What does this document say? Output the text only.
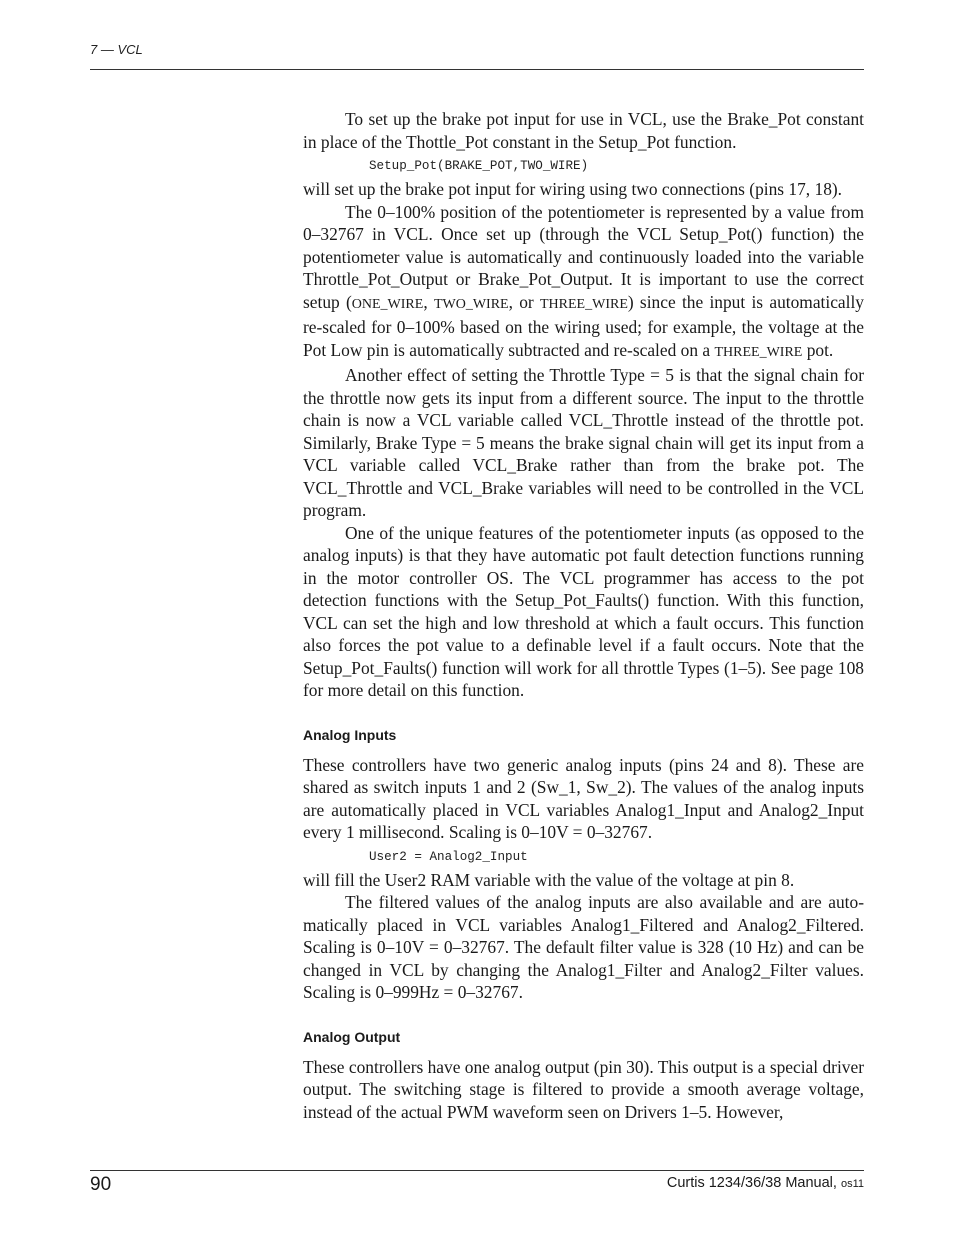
7 — VCL

To set up the brake pot input for use in VCL, use the Brake_Pot constant in place of the Thottle_Pot constant in the Setup_Pot function.

Setup_Pot(BRAKE_POT,TWO_WIRE)

will set up the brake pot input for wiring using two connections (pins 17, 18).

The 0–100% position of the potentiometer is represented by a value from 0–32767 in VCL. Once set up (through the VCL Setup_Pot() function) the potentiometer value is automatically and continuously loaded into the variable Throttle_Pot_Output or Brake_Pot_Output. It is important to use the correct setup (ONE_WIRE, TWO_WIRE, or THREE_WIRE) since the input is automatically re-scaled for 0–100% based on the wiring used; for example, the voltage at the Pot Low pin is automatically subtracted and re-scaled on a THREE_WIRE pot.

Another effect of setting the Throttle Type = 5 is that the signal chain for the throttle now gets its input from a different source. The input to the throttle chain is now a VCL variable called VCL_Throttle instead of the throttle pot. Similarly, Brake Type = 5 means the brake signal chain will get its input from a VCL variable called VCL_Brake rather than from the brake pot. The VCL_Throttle and VCL_Brake variables will need to be controlled in the VCL program.

One of the unique features of the potentiometer inputs (as opposed to the analog inputs) is that they have automatic pot fault detection functions running in the motor controller OS. The VCL programmer has access to the pot detection functions with the Setup_Pot_Faults() function. With this function, VCL can set the high and low threshold at which a fault occurs. This function also forces the pot value to a definable level if a fault occurs. Note that the Setup_Pot_Faults() function will work for all throttle Types (1–5). See page 108 for more detail on this function.

Analog Inputs

These controllers have two generic analog inputs (pins 24 and 8). These are shared as switch inputs 1 and 2 (Sw_1, Sw_2). The values of the analog inputs are automatically placed in VCL variables Analog1_Input and Analog2_Input every 1 millisecond. Scaling is 0–10V = 0–32767.

User2 = Analog2_Input

will fill the User2 RAM variable with the value of the voltage at pin 8.

The filtered values of the analog inputs are also available and are automatically placed in VCL variables Analog1_Filtered and Analog2_Filtered. Scaling is 0–10V = 0–32767. The default filter value is 328 (10 Hz) and can be changed in VCL by changing the Analog1_Filter and Analog2_Filter values. Scaling is 0–999Hz = 0–32767.

Analog Output

These controllers have one analog output (pin 30). This output is a special driver output. The switching stage is filtered to provide a smooth average voltage, instead of the actual PWM waveform seen on Drivers 1–5. However,

90	Curtis 1234/36/38 Manual, os11
